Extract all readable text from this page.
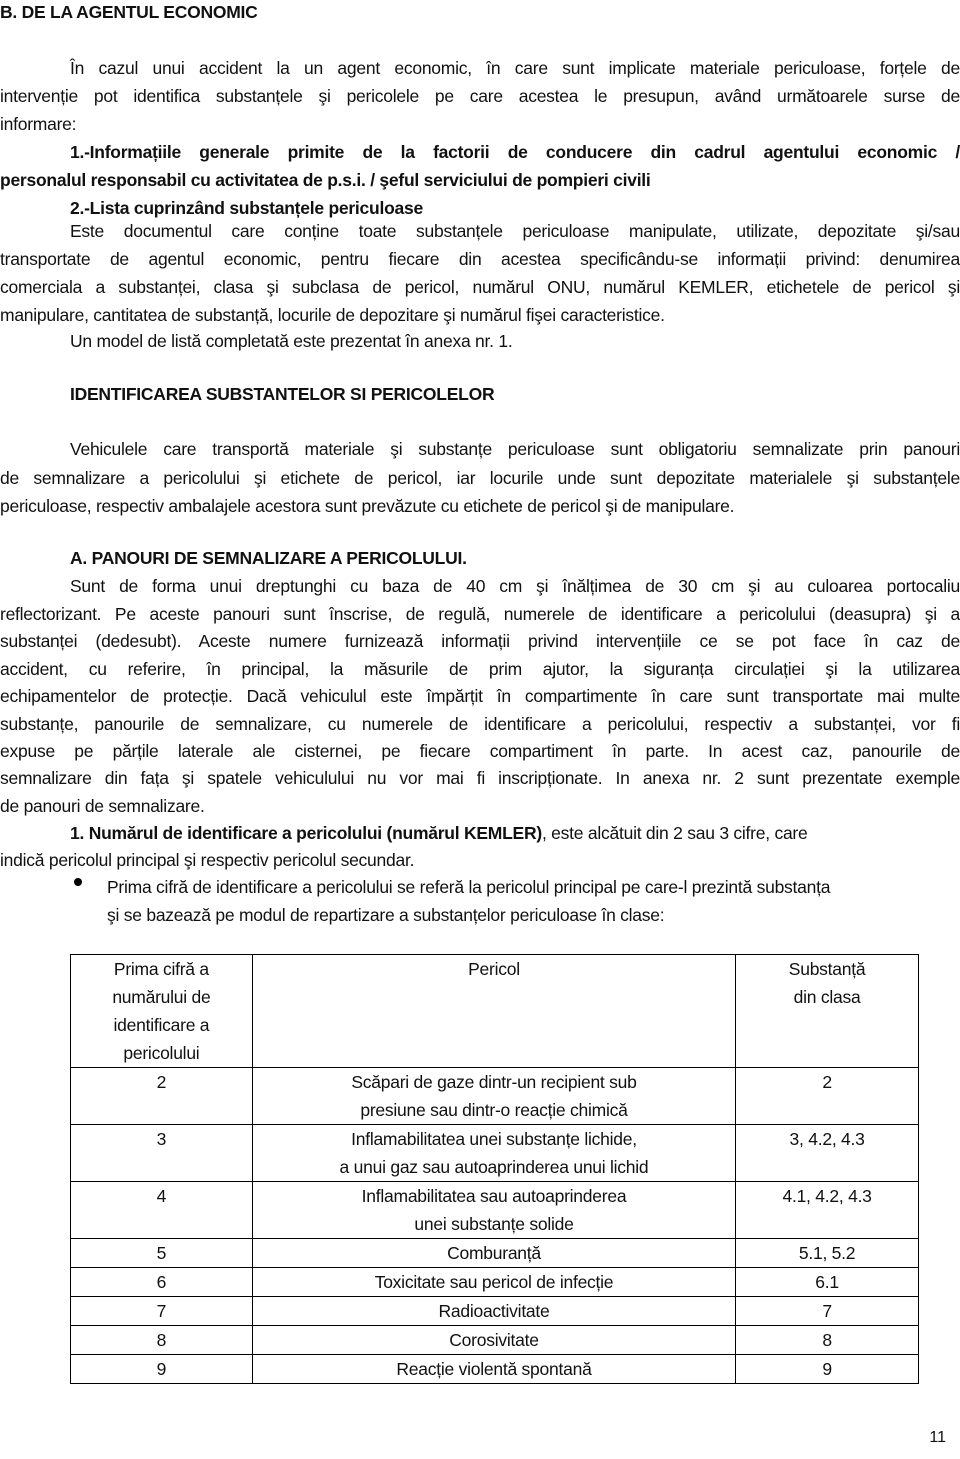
B. DE LA AGENTUL ECONOMIC
În cazul unui accident la un agent economic, în care sunt implicate materiale periculoase, forțele de
intervenție pot identifica substanțele şi pericolele pe care acestea le presupun, având următoarele surse de
informare:
1.-Informațiile generale primite de la factorii de conducere din cadrul agentului economic /
personalul responsabil cu activitatea de p.s.i. / şeful serviciului de pompieri civili
2.-Lista cuprinzând substanțele periculoase
Este documentul care conține toate substanțele periculoase manipulate, utilizate, depozitate şi/sau
transportate de agentul economic, pentru fiecare din acestea specificându-se informații privind: denumirea
comerciala a substanței, clasa şi subclasa de pericol, numărul ONU, numărul KEMLER, etichetele de pericol şi
manipulare, cantitatea de substanță, locurile de depozitare şi numărul fişei caracteristice.
Un model de listă completată este prezentat în anexa nr. 1.
IDENTIFICAREA SUBSTANTELOR SI PERICOLELOR
Vehiculele care transportă materiale şi substanțe periculoase sunt obligatoriu semnalizate prin panouri
de semnalizare a pericolului şi etichete de pericol, iar locurile unde sunt depozitate materialele şi substanțele
periculoase, respectiv ambalajele acestora sunt prevăzute cu etichete de pericol şi de manipulare.
A. PANOURI DE SEMNALIZARE A PERICOLULUI.
Sunt de forma unui dreptunghi cu baza de 40 cm şi înălțimea de 30 cm şi au culoarea portocaliu
reflectorizant. Pe aceste panouri sunt înscrise, de regulă, numerele de identificare a pericolului (deasupra) şi a
substanței (dedesubt). Aceste numere furnizează informații privind intervențiile ce se pot face în caz de
accident, cu referire, în principal, la măsurile de prim ajutor, la siguranța circulației şi la utilizarea
echipamentelor de protecție. Dacă vehiculul este împărțit în compartimente în care sunt transportate mai multe
substanțe, panourile de semnalizare, cu numerele de identificare a pericolului, respectiv a substanței, vor fi
expuse pe părțile laterale ale cisternei, pe fiecare compartiment în parte. In acest caz, panourile de
semnalizare din fața şi spatele vehiculului nu vor mai fi inscripționate. In anexa nr. 2 sunt prezentate exemple
de panouri de semnalizare.
1. Numărul de identificare a pericolului (numărul KEMLER), este alcătuit din 2 sau 3 cifre, care
indică pericolul principal şi respectiv pericolul secundar.
Prima cifră de identificare a pericolului se referă la pericolul principal pe care-l prezintă substanța
şi se bazează pe modul de repartizare a substanțelor periculoase în clase:
Prima cifră a
numărului de
identificare a
pericolului	Pericol	Substanță
din clasa
2	Scăpari de gaze dintr-un recipient sub
presiune sau dintr-o reacție chimică	2
3	Inflamabilitatea unei substanțe lichide,
a unui gaz sau autoaprinderea unui lichid	3, 4.2, 4.3
4	Inflamabilitatea sau autoaprinderea
unei substanțe solide	4.1, 4.2, 4.3
5	Comburanță	5.1, 5.2
6	Toxicitate sau pericol de infecție	6.1
7	Radioactivitate	7
8	Corosivitate	8
9	Reacție violentă spontană	9
11
